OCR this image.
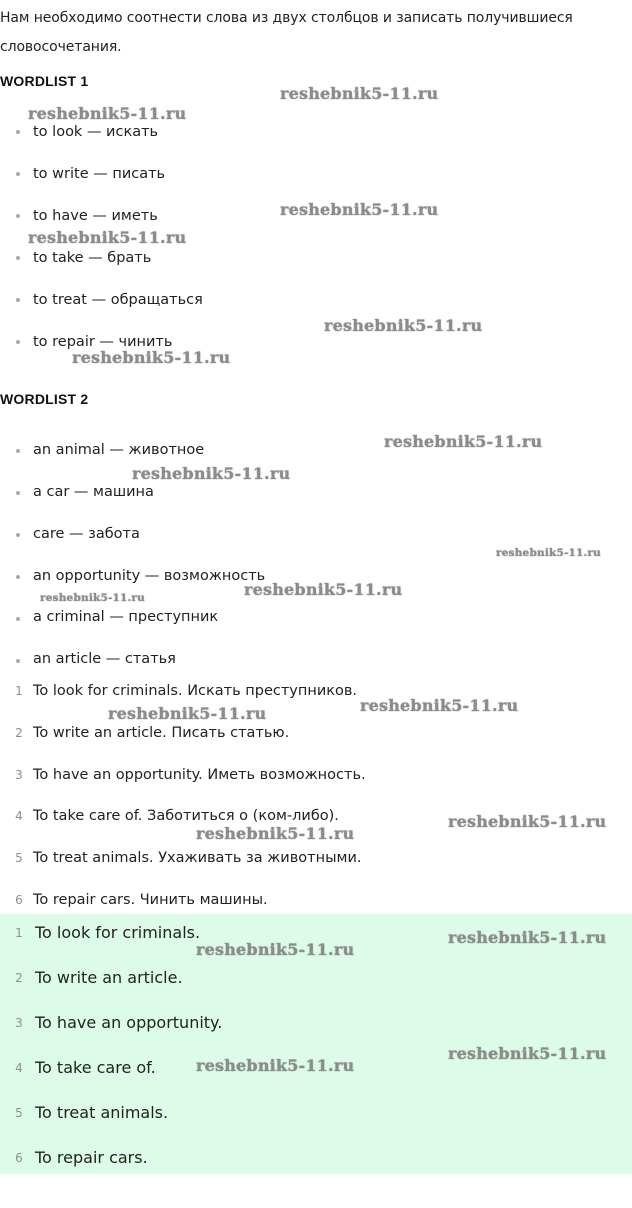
Нам необходимо соотнести слова из двух столбцов и записать получившиеся словосочетания.

WORDLIST 1
to look — искать
to write — писать
to have — иметь
to take — брать
to treat — обращаться
to repair — чинить
WORDLIST 2
an animal — животное
a car — машина
care — забота
an opportunity — возможность
a criminal — преступник
an article — статья
1 To look for criminals. Искать преступников.
2 To write an article. Писать статью.
3 To have an opportunity. Иметь возможность.
4 To take care of. Заботиться о (ком-либо).
5 To treat animals. Ухаживать за животными.
6 To repair cars. Чинить машины.
1 To look for criminals.
2 To write an article.
3 To have an opportunity.
4 To take care of.
5 To treat animals.
6 To repair cars.
reshebnik5-11.ru
reshebnik5-11.ru
reshebnik5-11.ru
reshebnik5-11.ru
reshebnik5-11.ru
reshebnik5-11.ru
reshebnik5-11.ru
reshebnik5-11.ru
reshebnik5-11.ru
reshebnik5-11.ru
reshebnik5-11.ru
reshebnik5-11.ru
reshebnik5-11.ru
reshebnik5-11.ru
reshebnik5-11.ru
reshebnik5-11.ru
reshebnik5-11.ru
reshebnik5-11.ru
reshebnik5-11.ru
